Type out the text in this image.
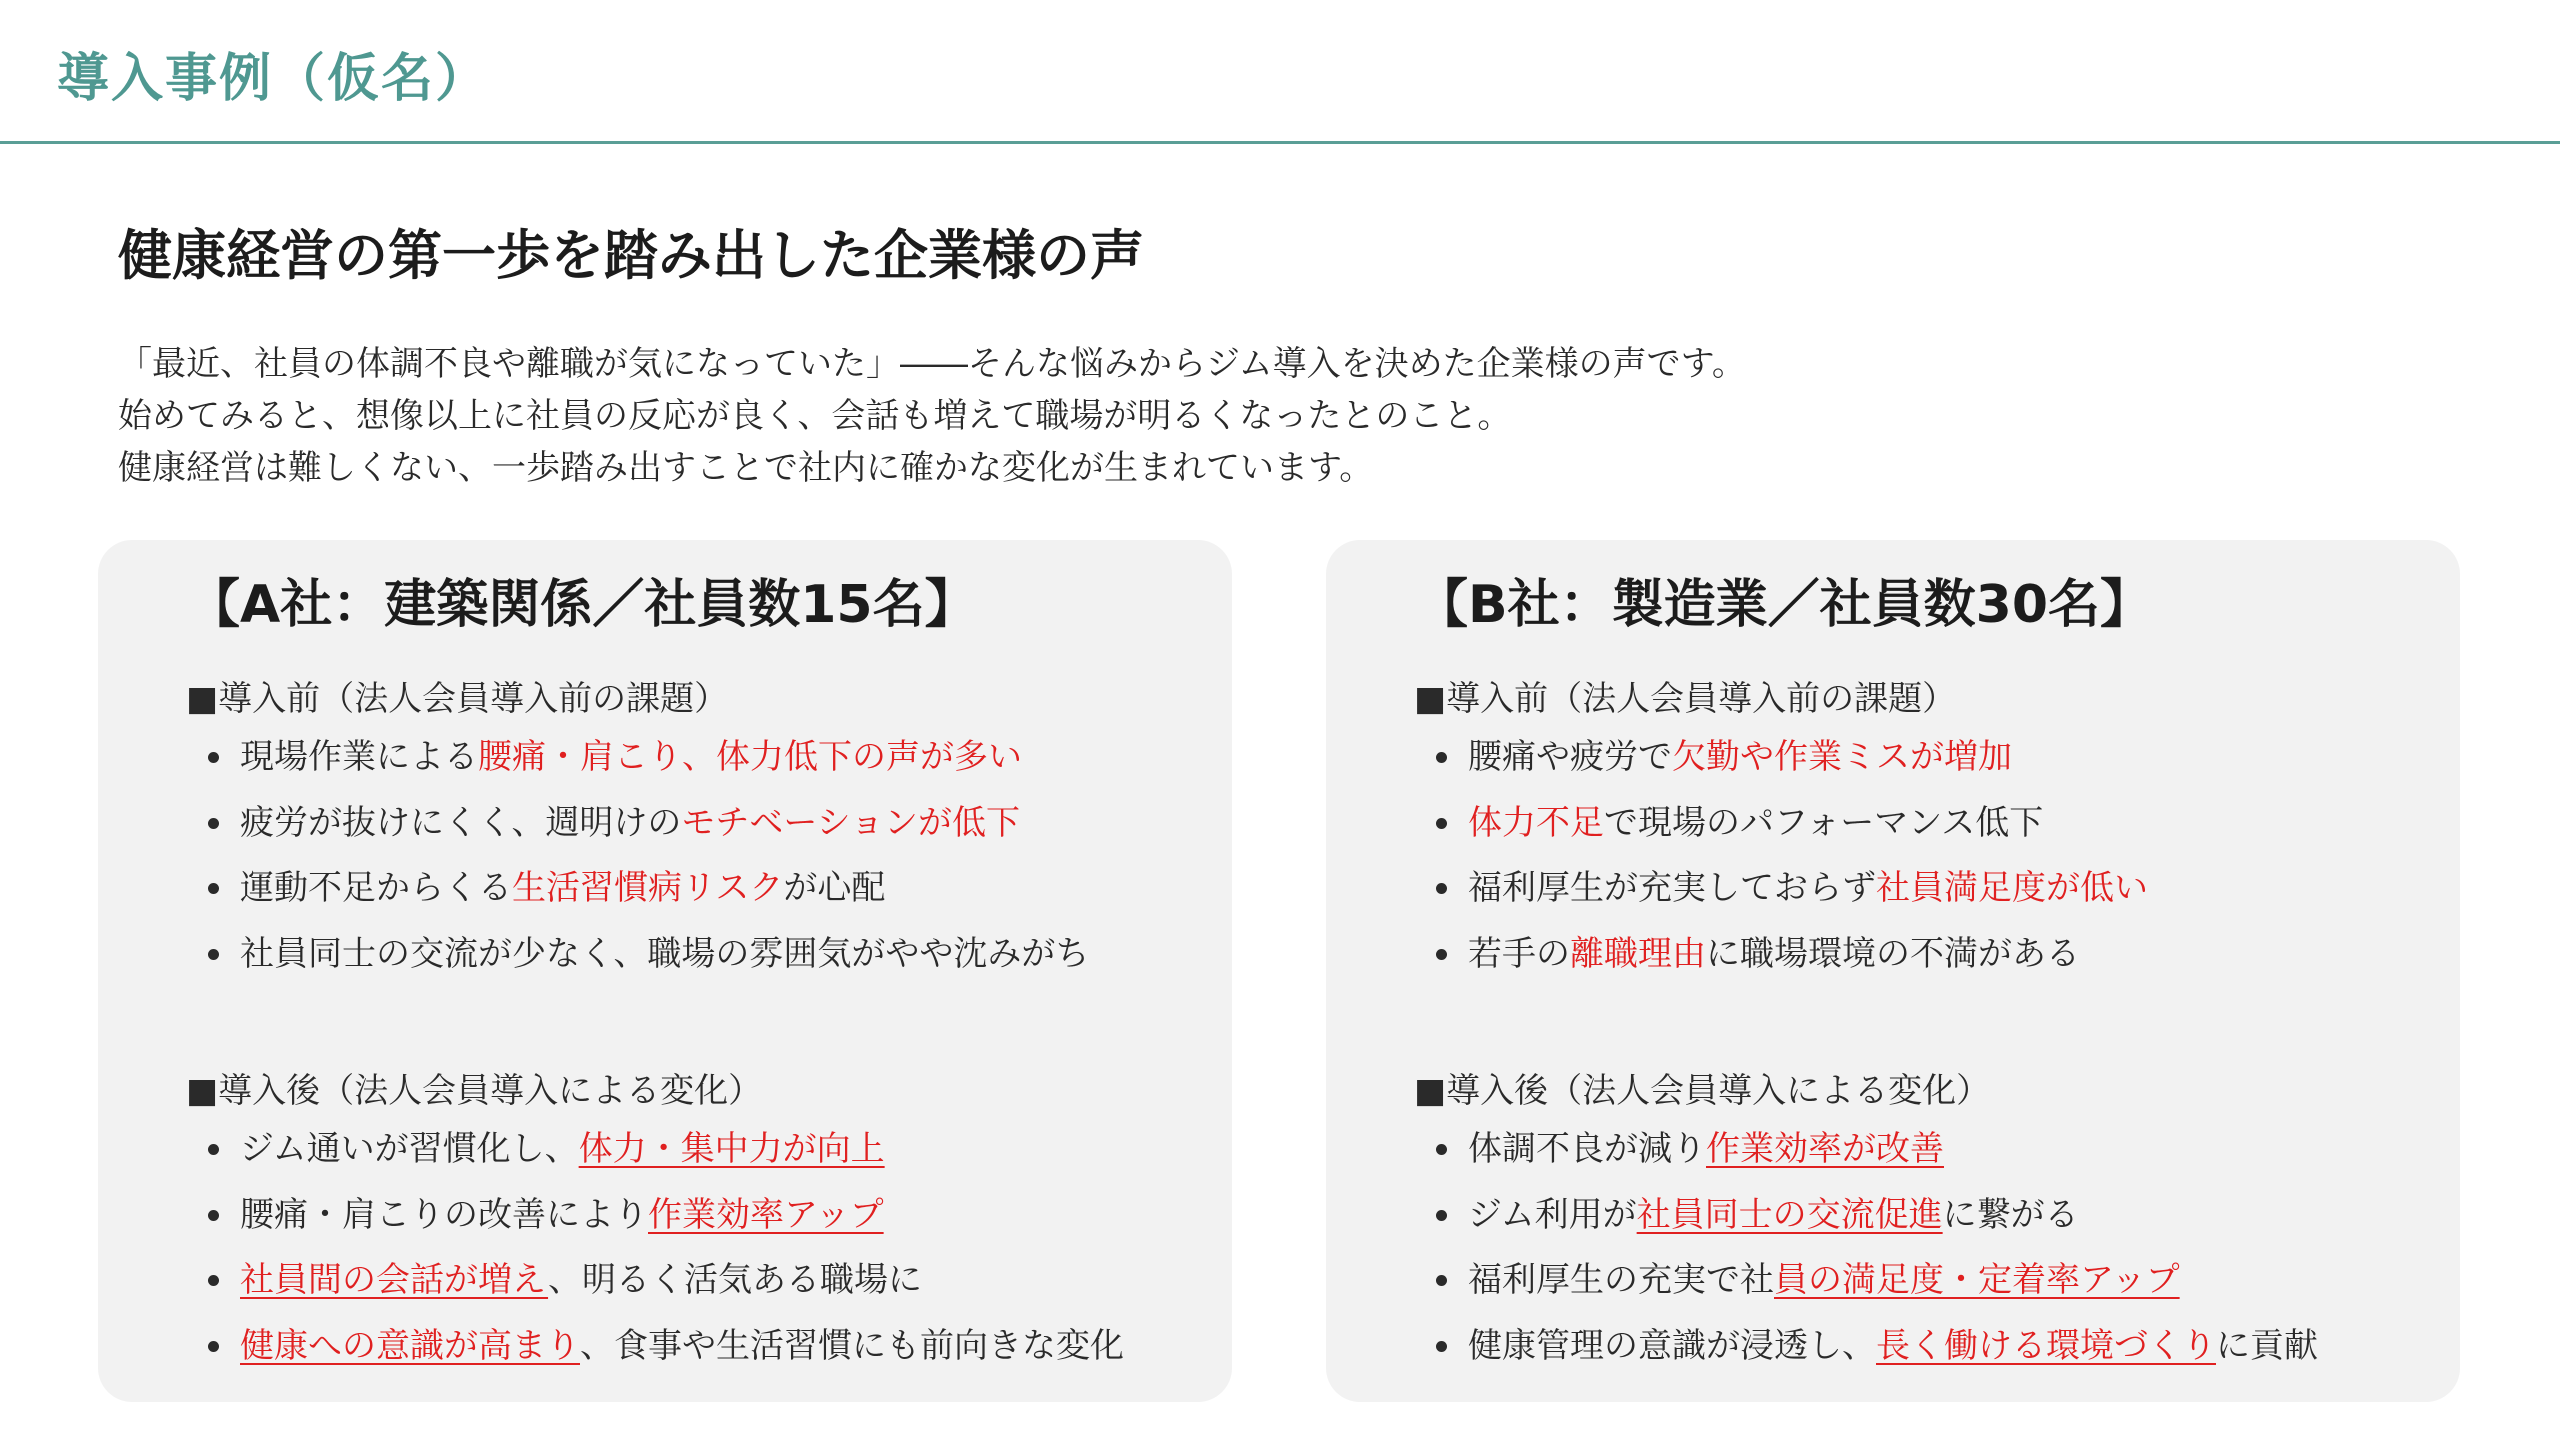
導入事例（仮名）
健康経営の第一歩を踏み出した企業様の声
「最近、社員の体調不良や離職が気になっていた」――そんな悩みからジム導入を決めた企業様の声です。
始めてみると、想像以上に社員の反応が良く、会話も増えて職場が明るくなったとのこと。
健康経営は難しくない、一歩踏み出すことで社内に確かな変化が生まれています。
【A社：建築関係／社員数15名】
■導入前（法人会員導入前の課題）
現場作業による腰痛・肩こり、体力低下の声が多い
疲労が抜けにくく、週明けのモチベーションが低下
運動不足からくる生活習慣病リスクが心配
社員同士の交流が少なく、職場の雰囲気がやや沈みがち
■導入後（法人会員導入による変化）
ジム通いが習慣化し、体力・集中力が向上
腰痛・肩こりの改善により作業効率アップ
社員間の会話が増え、明るく活気ある職場に
健康への意識が高まり、食事や生活習慣にも前向きな変化
【B社：製造業／社員数30名】
■導入前（法人会員導入前の課題）
腰痛や疲労で欠勤や作業ミスが増加
体力不足で現場のパフォーマンス低下
福利厚生が充実しておらず社員満足度が低い
若手の離職理由に職場環境の不満がある
■導入後（法人会員導入による変化）
体調不良が減り作業効率が改善
ジム利用が社員同士の交流促進に繋がる
福利厚生の充実で社員の満足度・定着率アップ
健康管理の意識が浸透し、長く働ける環境づくりに貢献
